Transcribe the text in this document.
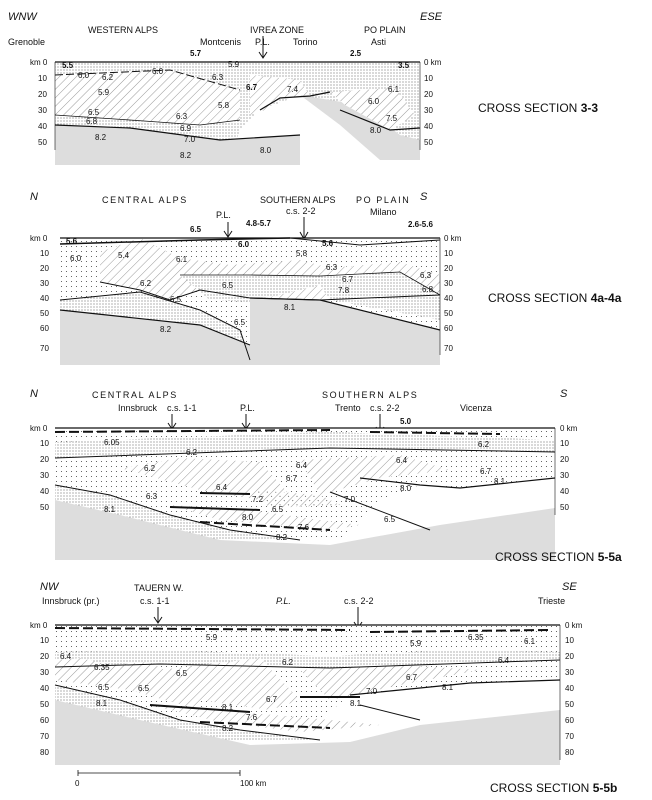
WNW	ESE
WESTERN ALPS	IVREA ZONE	PO PLAIN
Grenoble	Montcenis P.L.	Torino	Asti
km 0
10
20
30
40
50
0 km
10
20
30
40
50
5.5
6.0 6.2
5.9
6.0
5.9
6.3
6.7	7.4
5.8
6.5	6.3
6.8
6.9
7.0
8.2
8.2
8.0
5.7	2.5
3.5
6.0
6.1
7.5
8.0
CROSS SECTION 3-3
N	S
CENTRAL ALPS	SOUTHERN ALPS PO PLAIN
P.L.	c.s. 2-2	Milano
km 0
10
20
30
40
50
60
70
0 km
10
20
30
40
50
60
70
5.6
6.0	5.4
6.5
6.1
6.0
4.8-5.7
5.6
5.8
6.3
2.6-5.6
6.3
6.8
6.2	6.5
6.7
7.8
6.5
8.1
6.5
8.2
CROSS SECTION 4a-4a
N	S
CENTRAL ALPS	SOUTHERN ALPS
Innsbruck c.s. 1-1	P.L.	Trento c.s. 2-2	Vicenza
km 0
10
20
30
40
50
0 km
10
20
30
40
50
6.05
6.2
5.0
6.2
6.2	6.4
6.4
6.7
6.7
6.4
7.2	7.0
8.0
8.1
6.3
6.5
8.1
8.0
7.6
6.5
8.2
CROSS SECTION 5-5a
NW	SE
TAUERN W.
Innsbruck (pr.)	c.s. 1-1	P.L.	c.s. 2-2	Trieste
km 0
10
20
30
40
50
60
70
80
0 km
10
20
30
40
50
60
70
80
5.9	6.35	6.1
5.9
6.4
6.2	6.4
6.35
6.5	6.7
7.0	8.1
6.5	6.5
8.1	6.7
8.1	8.1
7.6
8.2
0	100 km	CROSS SECTION 5-5b
